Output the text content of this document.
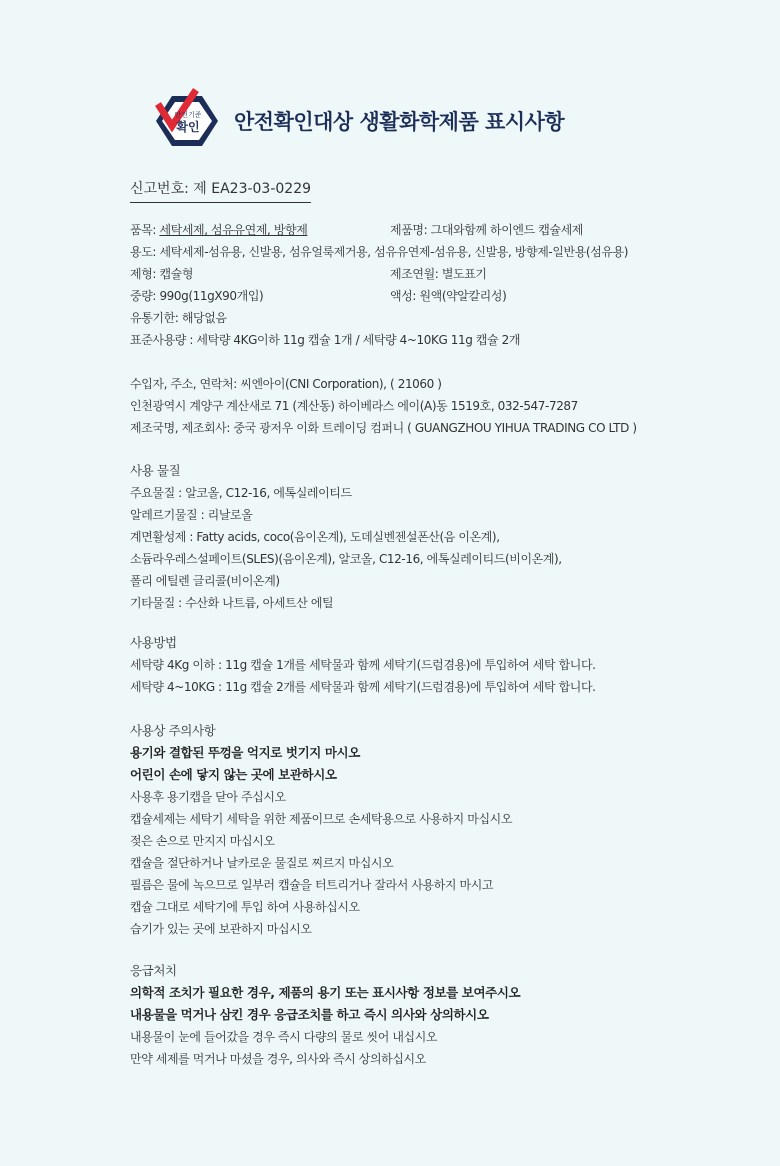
안전기준
확인 안전확인대상 생활화학제품 표시사항
신고번호: 제 EA23-03-0229
품목: 세탁세제, 섬유유연제, 방향제	제품명: 그대와함께 하이엔드 캡슐세제
용도: 세탁세제-섬유용, 신발용, 섬유얼룩제거용, 섬유유연제-섬유용, 신발용, 방향제-일반용(섬유용)
제형: 캡슐형	제조연월: 별도표기
중량: 990g(11gX90개입)	액성: 원액(약알칼리성)
유통기한: 해당없음
표준사용량 : 세탁량 4KG이하 11g 캡슐 1개 / 세탁량 4~10KG 11g 캡슐 2개
수입자, 주소, 연락처: 씨엔아이(CNI Corporation), ( 21060 )
인천광역시 계양구 계산새로 71 (계산동) 하이베라스 에이(A)동 1519호, 032-547-7287
제조국명, 제조회사: 중국 광저우 이화 트레이딩 컴퍼니 ( GUANGZHOU YIHUA TRADING CO LTD )
사용 물질
주요물질 : 알코올, C12-16, 에톡실레이티드
알레르기물질 : 리날로올
계면활성제 : Fatty acids, coco(음이온계), 도데실벤젠설폰산(음 이온계),
소듐라우레스설페이트(SLES)(음이온계), 알코올, C12-16, 에톡실레이티드(비이온계),
폴리 에틸렌 글리콜(비이온계)
기타물질 : 수산화 나트륨, 아세트산 에틸
사용방법
세탁량 4Kg 이하 : 11g 캡슐 1개를 세탁물과 함께 세탁기(드럼겸용)에 투입하여 세탁 합니다.
세탁량 4~10KG : 11g 캡슐 2개를 세탁물과 함께 세탁기(드럼겸용)에 투입하여 세탁 합니다.
사용상 주의사항
용기와 결합된 뚜껑을 억지로 벗기지 마시오
어린이 손에 닿지 않는 곳에 보관하시오
사용후 용기캡을 닫아 주십시오
캡슐세제는 세탁기 세탁을 위한 제품이므로 손세탁용으로 사용하지 마십시오
젖은 손으로 만지지 마십시오
캡슐을 절단하거나 날카로운 물질로 찌르지 마십시오
필름은 물에 녹으므로 일부러 캡슐을 터트리거나 잘라서 사용하지 마시고
캡슐 그대로 세탁기에 투입 하여 사용하십시오
습기가 있는 곳에 보관하지 마십시오
응급처치
의학적 조치가 필요한 경우, 제품의 용기 또는 표시사항 정보를 보여주시오
내용물을 먹거나 삼킨 경우 응급조치를 하고 즉시 의사와 상의하시오
내용물이 눈에 들어갔을 경우 즉시 다량의 물로 씻어 내십시오
만약 세제를 먹거나 마셨을 경우, 의사와 즉시 상의하십시오
